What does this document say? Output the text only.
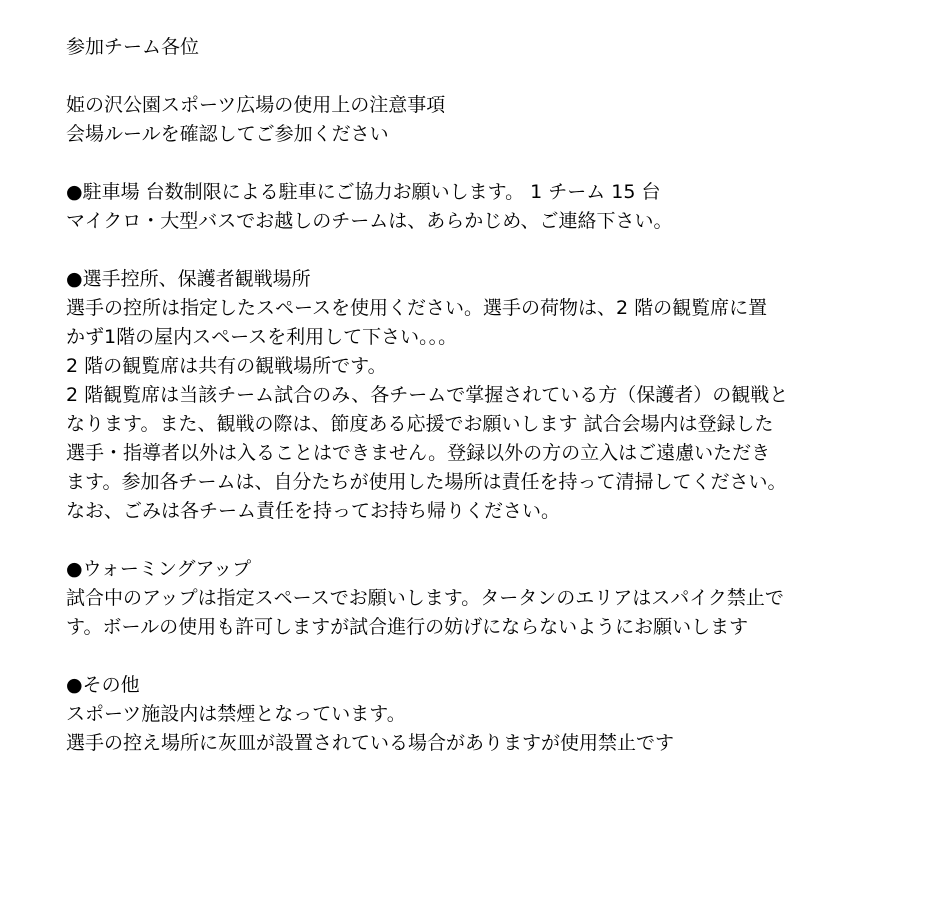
参加チーム各位
姫の沢公園スポーツ広場の使用上の注意事項
会場ルールを確認してご参加ください
●駐車場 台数制限による駐車にご協力お願いします。 1 チーム 15 台
マイクロ・大型バスでお越しのチームは、あらかじめ、ご連絡下さい。
●選手控所、保護者観戦場所
選手の控所は指定したスペースを使用ください。選手の荷物は、2 階の観覧席に置
かず1階の屋内スペースを利用して下さい。。。
2 階の観覧席は共有の観戦場所です。
2 階観覧席は当該チーム試合のみ、各チームで掌握されている方（保護者）の観戦と
なります。また、観戦の際は、節度ある応援でお願いします 試合会場内は登録した
選手・指導者以外は入ることはできません。登録以外の方の立入はご遠慮いただき
ます。参加各チームは、自分たちが使用した場所は責任を持って清掃してください。
なお、ごみは各チーム責任を持ってお持ち帰りください。
●ウォーミングアップ
試合中のアップは指定スペースでお願いします。タータンのエリアはスパイク禁止で
す。ボールの使用も許可しますが試合進行の妨げにならないようにお願いします
●その他
スポーツ施設内は禁煙となっています。
選手の控え場所に灰皿が設置されている場合がありますが使用禁止です
